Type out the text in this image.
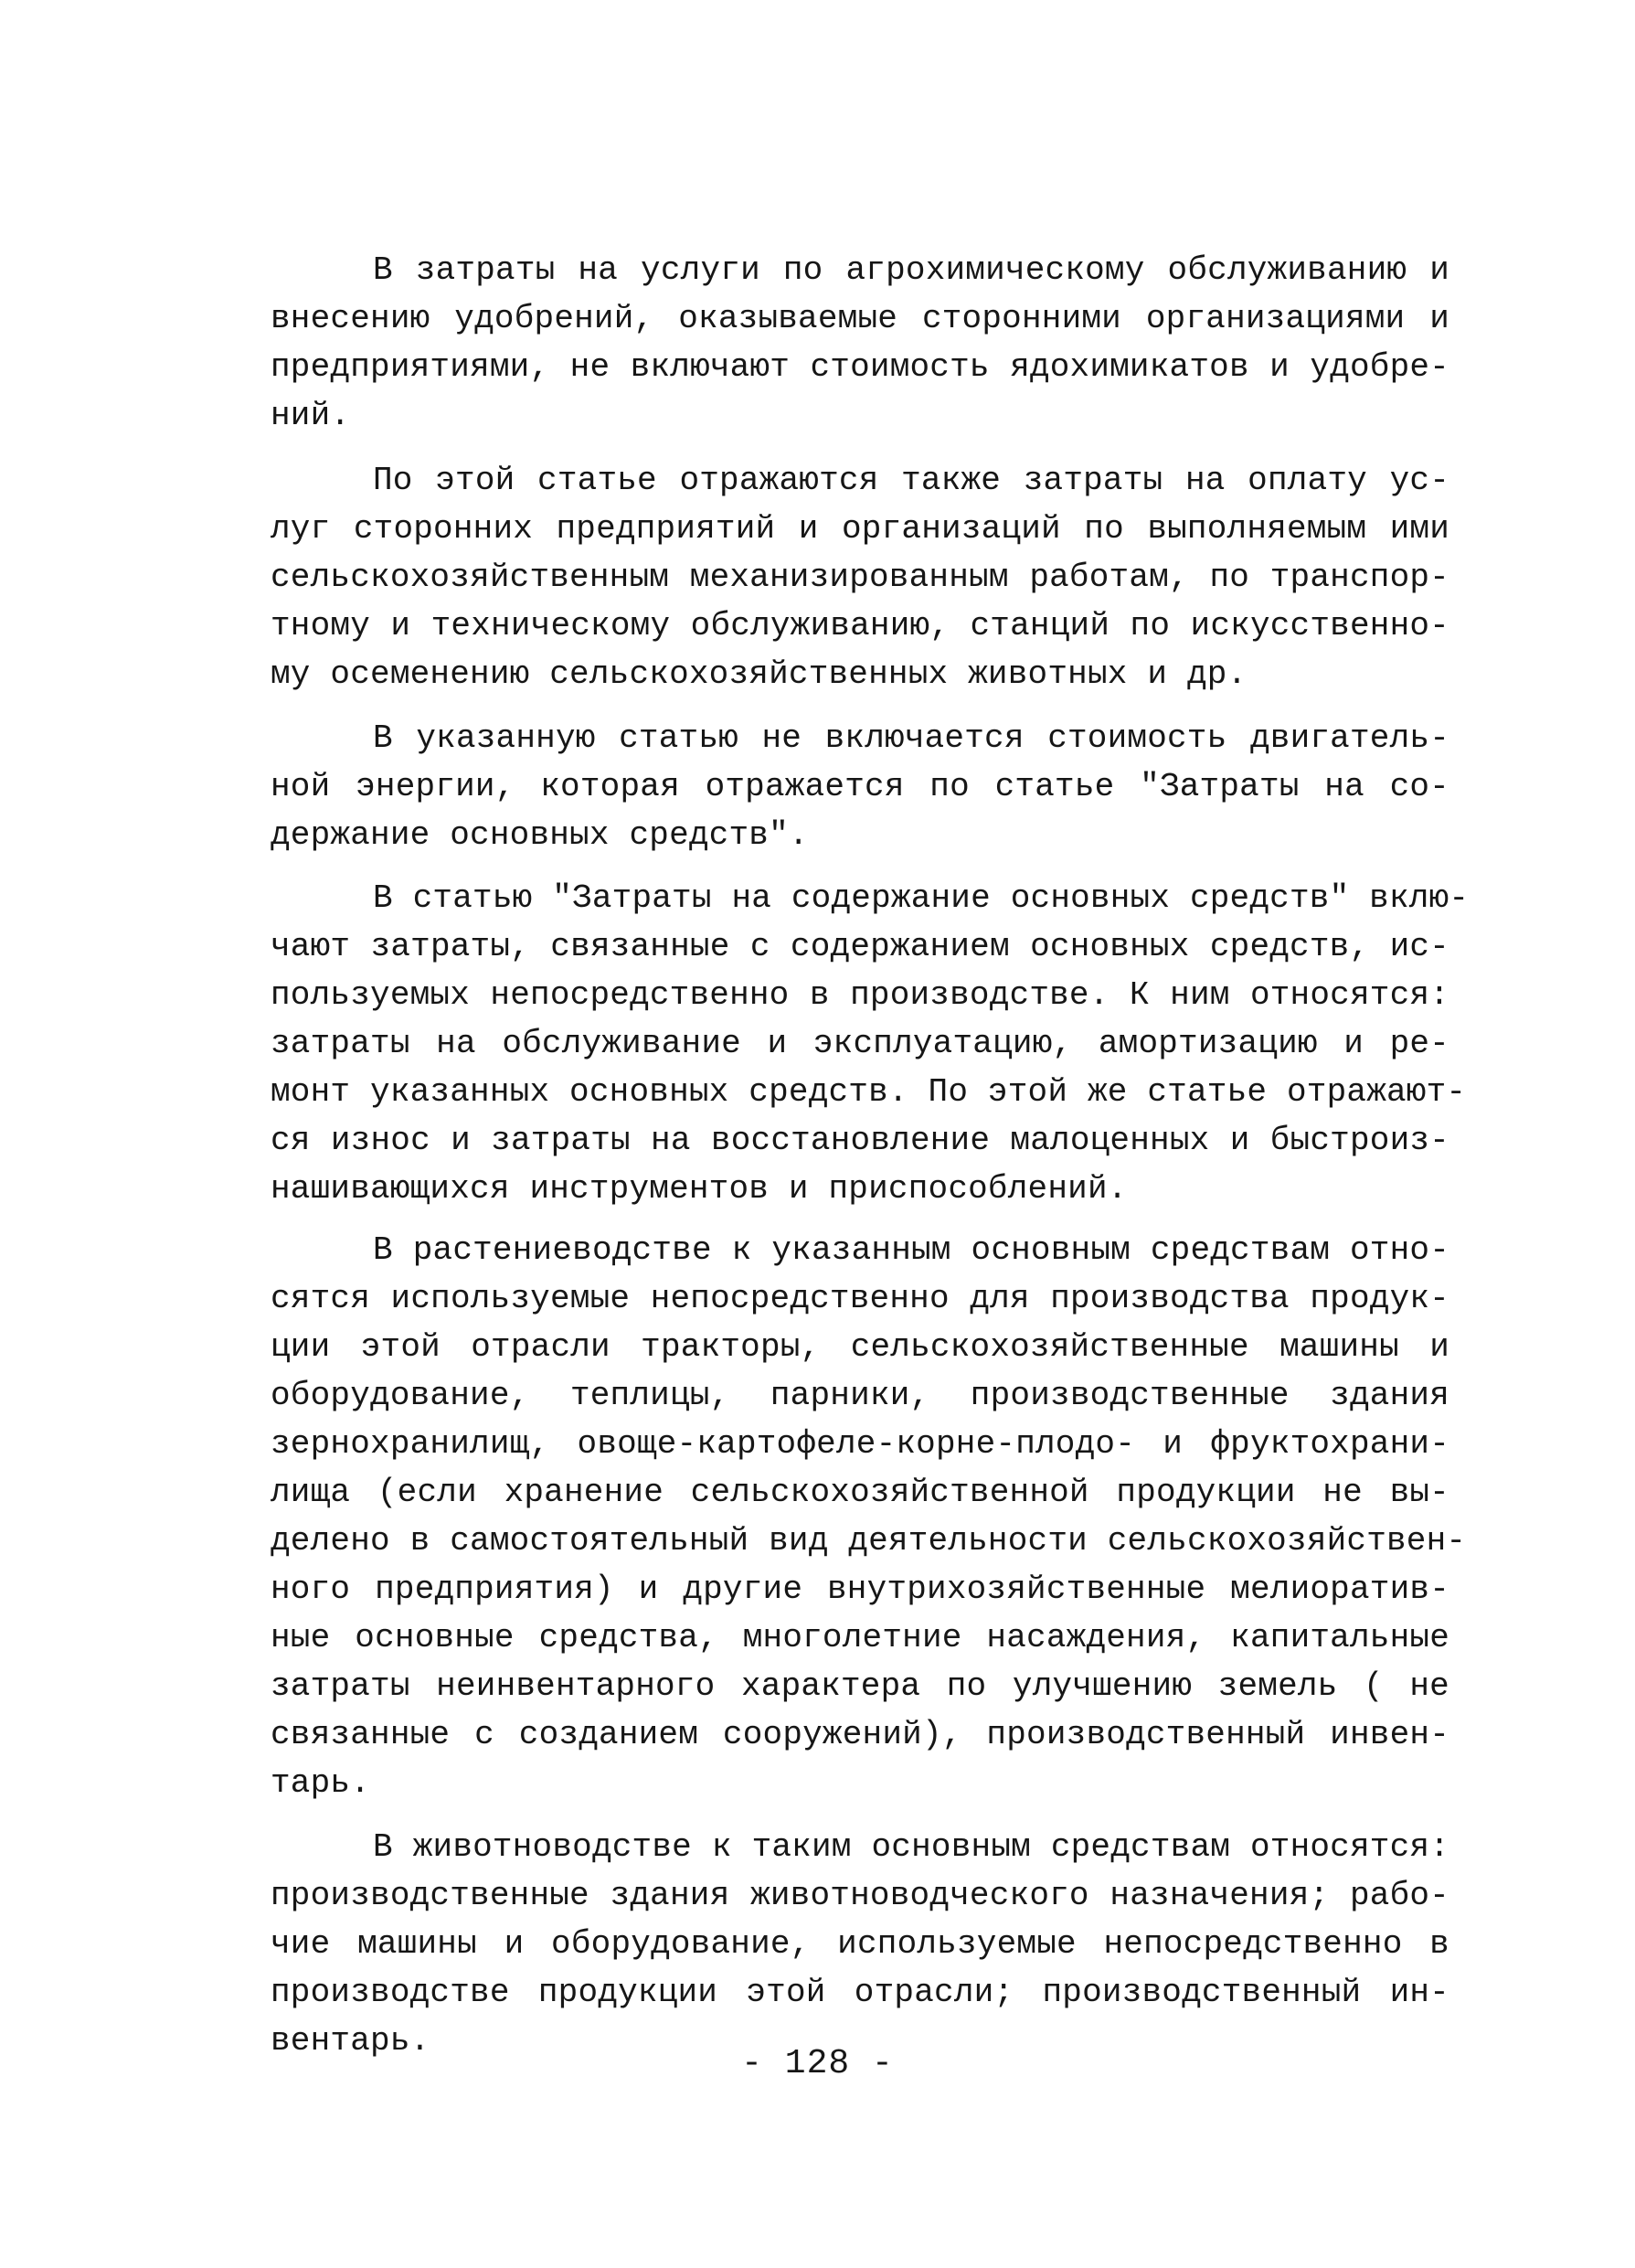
В затраты на услуги по агрохимическому обслуживанию и
внесению удобрений, оказываемые сторонними организациями и
предприятиями, не включают стоимость ядохимикатов и удобре-
ний.
По этой статье отражаются также затраты на оплату ус-
луг сторонних предприятий и организаций по выполняемым ими
сельскохозяйственным механизированным работам, по транспор-
тному и техническому обслуживанию, станций по искусственно-
му осеменению сельскохозяйственных животных и др.
В указанную статью не включается стоимость двигатель-
ной энергии, которая отражается по статье "Затраты на со-
держание основных средств".
В статью "Затраты на содержание основных средств" вклю-
чают затраты, связанные с содержанием основных средств, ис-
пользуемых непосредственно в производстве. К ним относятся:
затраты на обслуживание и эксплуатацию, амортизацию и ре-
монт указанных основных средств. По этой же статье отражают-
ся износ и затраты на восстановление малоценных и быстроиз-
нашивающихся инструментов и приспособлений.
В растениеводстве к указанным основным средствам отно-
сятся используемые непосредственно для производства продук-
ции этой отрасли тракторы, сельскохозяйственные машины и
оборудование, теплицы, парники, производственные здания
зернохранилищ, овоще-картофеле-корне-плодо- и фруктохрани-
лища (если хранение сельскохозяйственной продукции не вы-
делено в самостоятельный вид деятельности сельскохозяйствен-
ного предприятия) и другие внутрихозяйственные мелиоратив-
ные основные средства, многолетние насаждения, капитальные
затраты неинвентарного характера по улучшению земель ( не
связанные с созданием сооружений), производственный инвен-
тарь.
В животноводстве к таким основным средствам относятся:
производственные здания животноводческого назначения; рабо-
чие машины и оборудование, используемые непосредственно в
производстве продукции этой отрасли; производственный ин-
вентарь.
- 128 -
